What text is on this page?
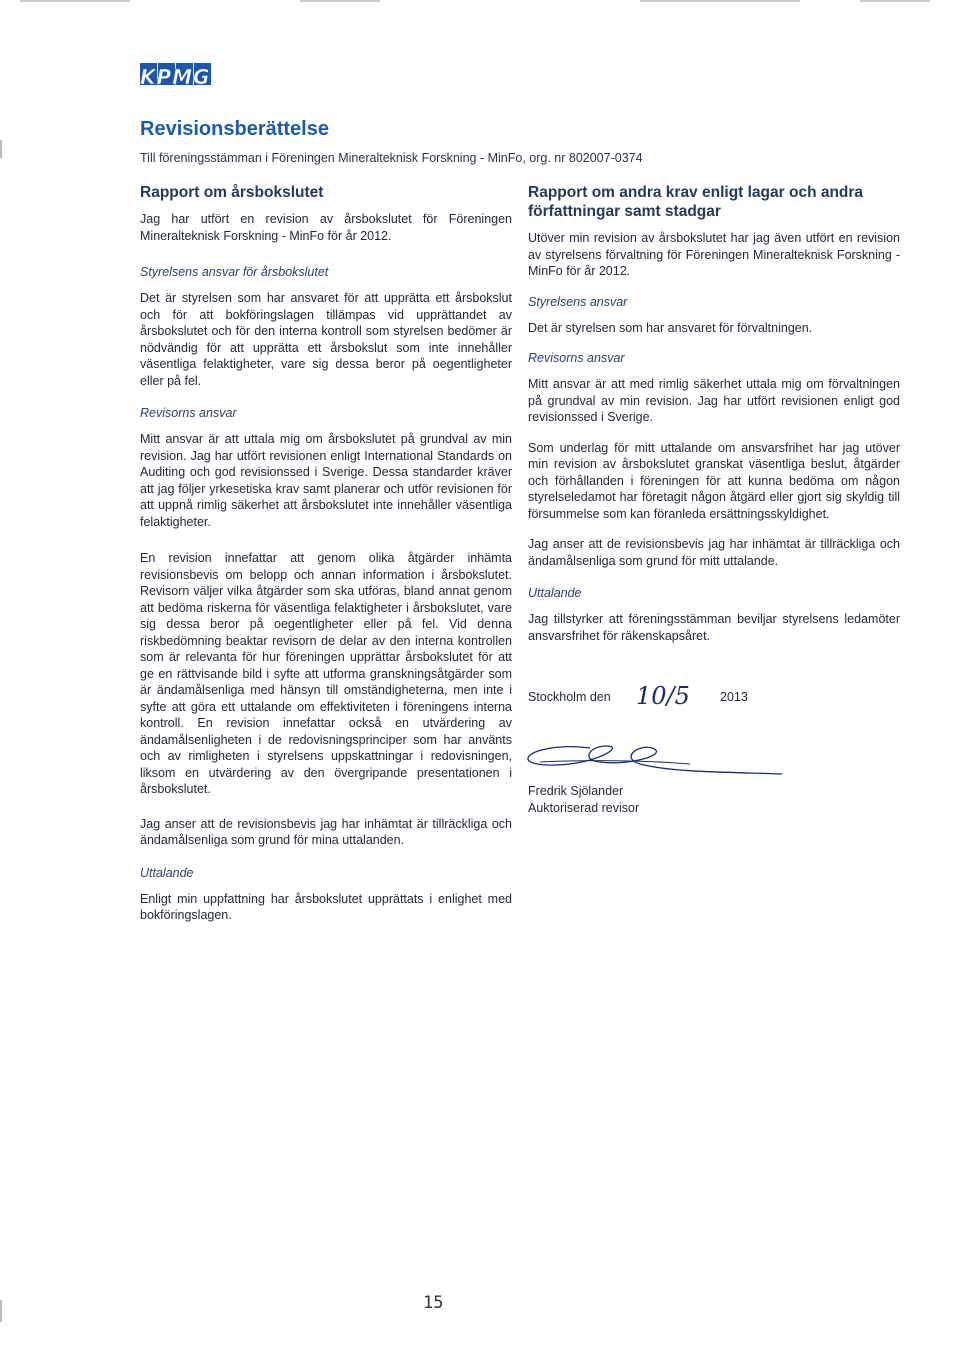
KPMG
Revisionsberättelse

Till föreningsstämman i Föreningen Mineralteknisk Forskning - MinFo, org. nr 802007-0374

Rapport om årsbokslutet

Jag har utfört en revision av årsbokslutet för Föreningen Mineralteknisk Forskning - MinFo för år 2012.

Styrelsens ansvar för årsbokslutet

Det är styrelsen som har ansvaret för att upprätta ett årsbokslut och för att bokföringslagen tillämpas vid upprättandet av årsbokslutet och för den interna kontroll som styrelsen bedömer är nödvändig för att upprätta ett årsbokslut som inte innehåller väsentliga felaktigheter, vare sig dessa beror på oegentligheter eller på fel.

Revisorns ansvar

Mitt ansvar är att uttala mig om årsbokslutet på grundval av min revision. Jag har utfört revisionen enligt International Standards on Auditing och god revisionssed i Sverige. Dessa standarder kräver att jag följer yrkesetiska krav samt planerar och utför revisionen för att uppnå rimlig säkerhet att årsbokslutet inte innehåller väsentliga felaktigheter.

En revision innefattar att genom olika åtgärder inhämta revisionsbevis om belopp och annan information i årsbokslutet. Revisorn väljer vilka åtgärder som ska utföras, bland annat genom att bedöma riskerna för väsentliga felaktigheter i årsbokslutet, vare sig dessa beror på oegentligheter eller på fel. Vid denna riskbedömning beaktar revisorn de delar av den interna kontrollen som är relevanta för hur föreningen upprättar årsbokslutet för att ge en rättvisande bild i syfte att utforma granskningsåtgärder som är ändamålsenliga med hänsyn till omständigheterna, men inte i syfte att göra ett uttalande om effektiviteten i föreningens interna kontroll. En revision innefattar också en utvärdering av ändamålsenligheten i de redovisningsprinciper som har använts och av rimligheten i styrelsens uppskattningar i redovisningen, liksom en utvärdering av den övergripande presentationen i årsbokslutet.

Jag anser att de revisionsbevis jag har inhämtat är tillräckliga och ändamålsenliga som grund för mina uttalanden.

Uttalande

Enligt min uppfattning har årsbokslutet upprättats i enlighet med bokföringslagen.

Rapport om andra krav enligt lagar och andra författningar samt stadgar

Utöver min revision av årsbokslutet har jag även utfört en revision av styrelsens förvaltning för Föreningen Mineralteknisk Forskning - MinFo för år 2012.

Styrelsens ansvar

Det är styrelsen som har ansvaret för förvaltningen.

Revisorns ansvar

Mitt ansvar är att med rimlig säkerhet uttala mig om förvaltningen på grundval av min revision. Jag har utfört revisionen enligt god revisionssed i Sverige.

Som underlag för mitt uttalande om ansvarsfrihet har jag utöver min revision av årsbokslutet granskat väsentliga beslut, åtgärder och förhållanden i föreningen för att kunna bedöma om någon styrelseledamot har företagit någon åtgärd eller gjort sig skyldig till försummelse som kan föranleda ersättningsskyldighet.

Jag anser att de revisionsbevis jag har inhämtat är tillräckliga och ändamålsenliga som grund för mitt uttalande.

Uttalande

Jag tillstyrker att föreningsstämman beviljar styrelsens ledamöter ansvarsfrihet för räkenskapsåret.

Stockholm den 10/5 2013
Fredrik Sjölander
Auktoriserad revisor
15
